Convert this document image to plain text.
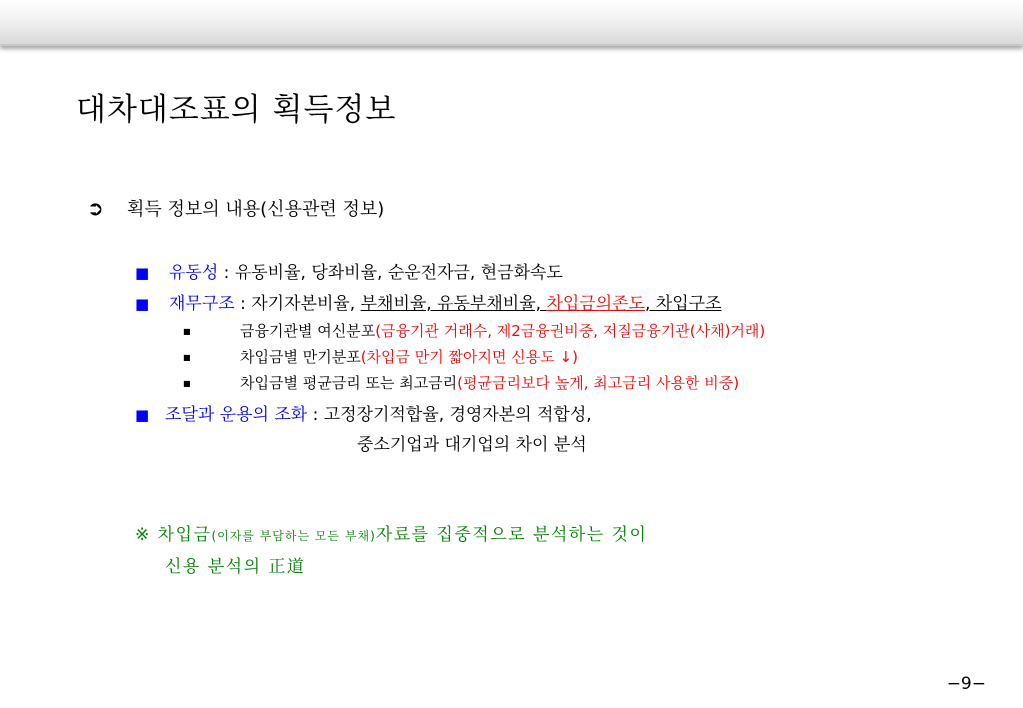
대차대조표의 획득정보
➲ 획득 정보의 내용(신용관련 정보)
■ 유동성 : 유동비율, 당좌비율, 순운전자금, 현금화속도
■ 재무구조 : 자기자본비율, 부채비율, 유동부채비율, 차입금의존도, 차입구조
■	금융기관별 여신분포(금융기관 거래수, 제2금융권비중, 저질금융기관(사채)거래)
■	차입금별 만기분포(차입금 만기 짧아지면 신용도 ↓)
■	차입금별 평균금리 또는 최고금리(평균금리보다 높게, 최고금리 사용한 비중)
■ 조달과 운용의 조화 : 고정장기적합율, 경영자본의 적합성,
중소기업과 대기업의 차이 분석
※ 차입금(이자를 부담하는 모든 부채)자료를 집중적으로 분석하는 것이
신용 분석의 正道
−9−
